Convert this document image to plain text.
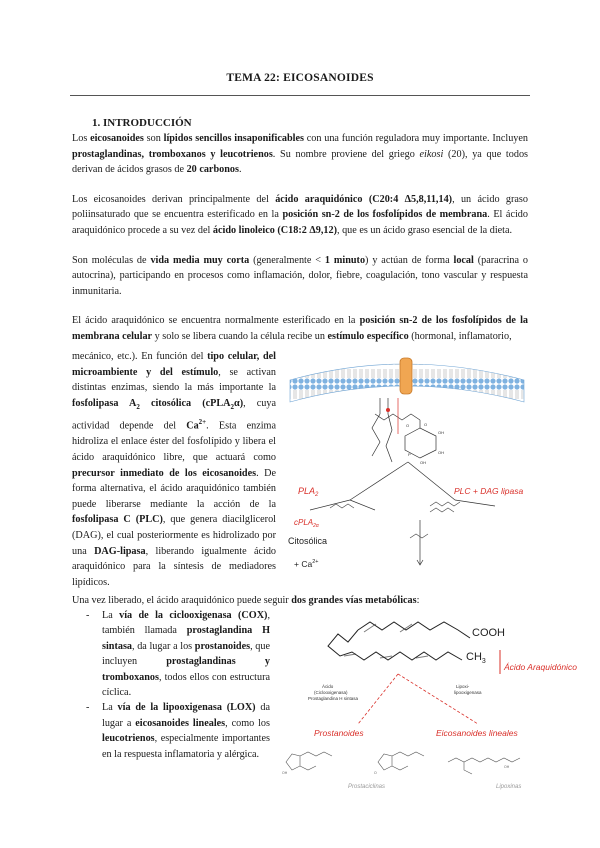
TEMA 22: EICOSANOIDES
1. INTRODUCCIÓN

Los eicosanoides son lípidos sencillos insaponificables con una función reguladora muy importante. Incluyen prostaglandinas, tromboxanos y leucotrienos. Su nombre proviene del griego eikosi (20), ya que todos derivan de ácidos grasos de 20 carbonos.

Los eicosanoides derivan principalmente del ácido araquidónico (C20:4 Δ5,8,11,14), un ácido graso poliinsaturado que se encuentra esterificado en la posición sn-2 de los fosfolípidos de membrana. El ácido araquidónico procede a su vez del ácido linoleico (C18:2 Δ9,12), que es un ácido graso esencial de la dieta.

Son moléculas de vida media muy corta (generalmente < 1 minuto) y actúan de forma local (paracrina o autocrina), participando en procesos como inflamación, dolor, fiebre, coagulación, tono vascular y respuesta inmunitaria.

El ácido araquidónico se encuentra normalmente esterificado en la posición sn-2 de los fosfolípidos de la membrana celular y solo se libera cuando la célula recibe un estímulo específico (hormonal, inflamatorio,

mecánico, etc.). En función del tipo celular, del microambiente y del estímulo, se activan distintas enzimas, siendo la más importante la fosfolipasa $A_2$ citosólica (cPLA$_2$α), cuya actividad depende del $Ca^{2+}$. Esta enzima hidroliza el enlace éster del fosfolípido y libera el ácido araquidónico libre, que actuará como precursor inmediato de los eicosanoides. De forma alternativa, el ácido araquidónico también puede liberarse mediante la acción de la fosfolipasa C (PLC), que genera diacilglicerol (DAG), el cual posteriormente es hidrolizado por una DAG-lipasa, liberando igualmente ácido araquidónico para la síntesis de mediadores lipídicos.

O	O
OH
OH
OH
P
$PLA_2$	PLC + DAG lipasa
cPLA$_{2\alpha}$
Citosólica
+ $Ca^{2+}$

Una vez liberado, el ácido araquidónico puede seguir dos grandes vías metabólicas:

- La vía de la ciclooxigenasa (COX), también llamada prostaglandina H sintasa, da lugar a los prostanoides, que incluyen prostaglandinas y tromboxanos, todos ellos con estructura cíclica.
- La vía de la lipooxigenasa (LOX) da lugar a eicosanoides lineales, como los leucotrienos, especialmente importantes en la respuesta inflamatoria y alérgica.
COOH
$CH_3$
Ácido Araquidónico
Ácido
(Ciclooxigenasa)
Prostaglandina H sintasa
Lipoxi-
lipooxigenasa
Prostanoides	Eicosanoides lineales
OH	O
OH
Prostaciclinas	Lipoxinas
